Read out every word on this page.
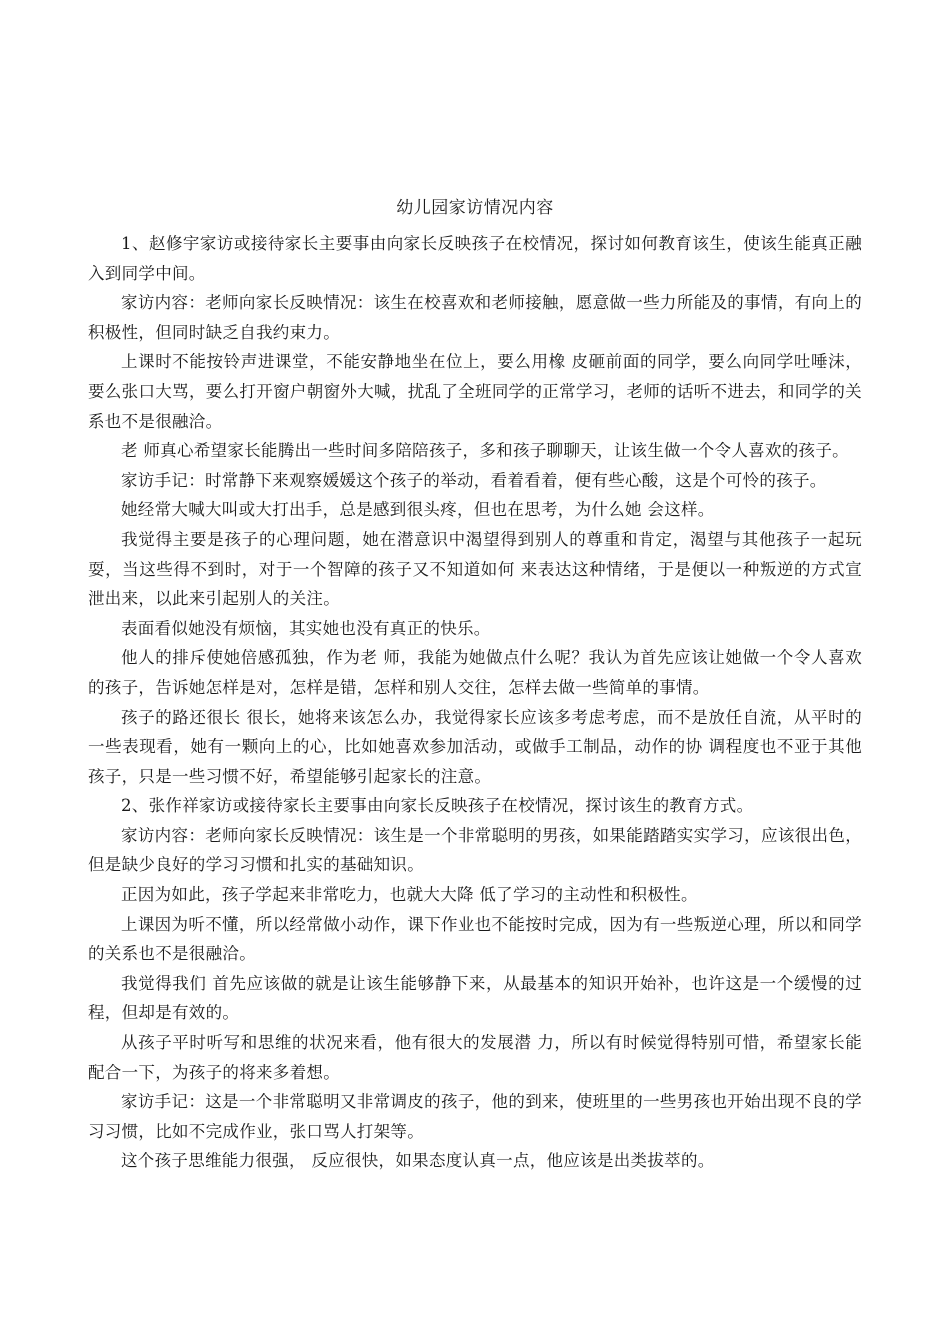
幼儿园家访情况内容

1、赵修宇家访或接待家长主要事由向家长反映孩子在校情况，探讨如何教育该生，使该生能真正融入到同学中间。

家访内容：老师向家长反映情况：该生在校喜欢和老师接触，愿意做一些力所能及的事情，有向上的积极性，但同时缺乏自我约束力。

上课时不能按铃声进课堂，不能安静地坐在位上，要么用橡 皮砸前面的同学，要么向同学吐唾沫，要么张口大骂，要么打开窗户朝窗外大喊，扰乱了全班同学的正常学习，老师的话听不进去，和同学的关系也不是很融洽。

老 师真心希望家长能腾出一些时间多陪陪孩子，多和孩子聊聊天，让该生做一个令人喜欢的孩子。

家访手记：时常静下来观察媛媛这个孩子的举动，看着看着，便有些心酸，这是个可怜的孩子。

她经常大喊大叫或大打出手，总是感到很头疼，但也在思考，为什么她 会这样。

我觉得主要是孩子的心理问题，她在潜意识中渴望得到别人的尊重和肯定，渴望与其他孩子一起玩耍，当这些得不到时，对于一个智障的孩子又不知道如何 来表达这种情绪，于是便以一种叛逆的方式宣泄出来，以此来引起别人的关注。

表面看似她没有烦恼，其实她也没有真正的快乐。

他人的排斥使她倍感孤独，作为老 师，我能为她做点什么呢？我认为首先应该让她做一个令人喜欢的孩子，告诉她怎样是对，怎样是错，怎样和别人交往，怎样去做一些简单的事情。

孩子的路还很长 很长，她将来该怎么办，我觉得家长应该多考虑考虑，而不是放任自流，从平时的一些表现看，她有一颗向上的心，比如她喜欢参加活动，或做手工制品，动作的协 调程度也不亚于其他孩子，只是一些习惯不好，希望能够引起家长的注意。

2、张作祥家访或接待家长主要事由向家长反映孩子在校情况，探讨该生的教育方式。

家访内容：老师向家长反映情况：该生是一个非常聪明的男孩，如果能踏踏实实学习，应该很出色，但是缺少良好的学习习惯和扎实的基础知识。

正因为如此，孩子学起来非常吃力，也就大大降 低了学习的主动性和积极性。

上课因为听不懂，所以经常做小动作，课下作业也不能按时完成，因为有一些叛逆心理，所以和同学的关系也不是很融洽。

我觉得我们 首先应该做的就是让该生能够静下来，从最基本的知识开始补，也许这是一个缓慢的过程，但却是有效的。

从孩子平时听写和思维的状况来看，他有很大的发展潜 力，所以有时候觉得特别可惜，希望家长能配合一下，为孩子的将来多着想。

家访手记：这是一个非常聪明又非常调皮的孩子，他的到来，使班里的一些男孩也开始出现不良的学习习惯，比如不完成作业，张口骂人打架等。

这个孩子思维能力很强， 反应很快，如果态度认真一点，他应该是出类拔萃的。
